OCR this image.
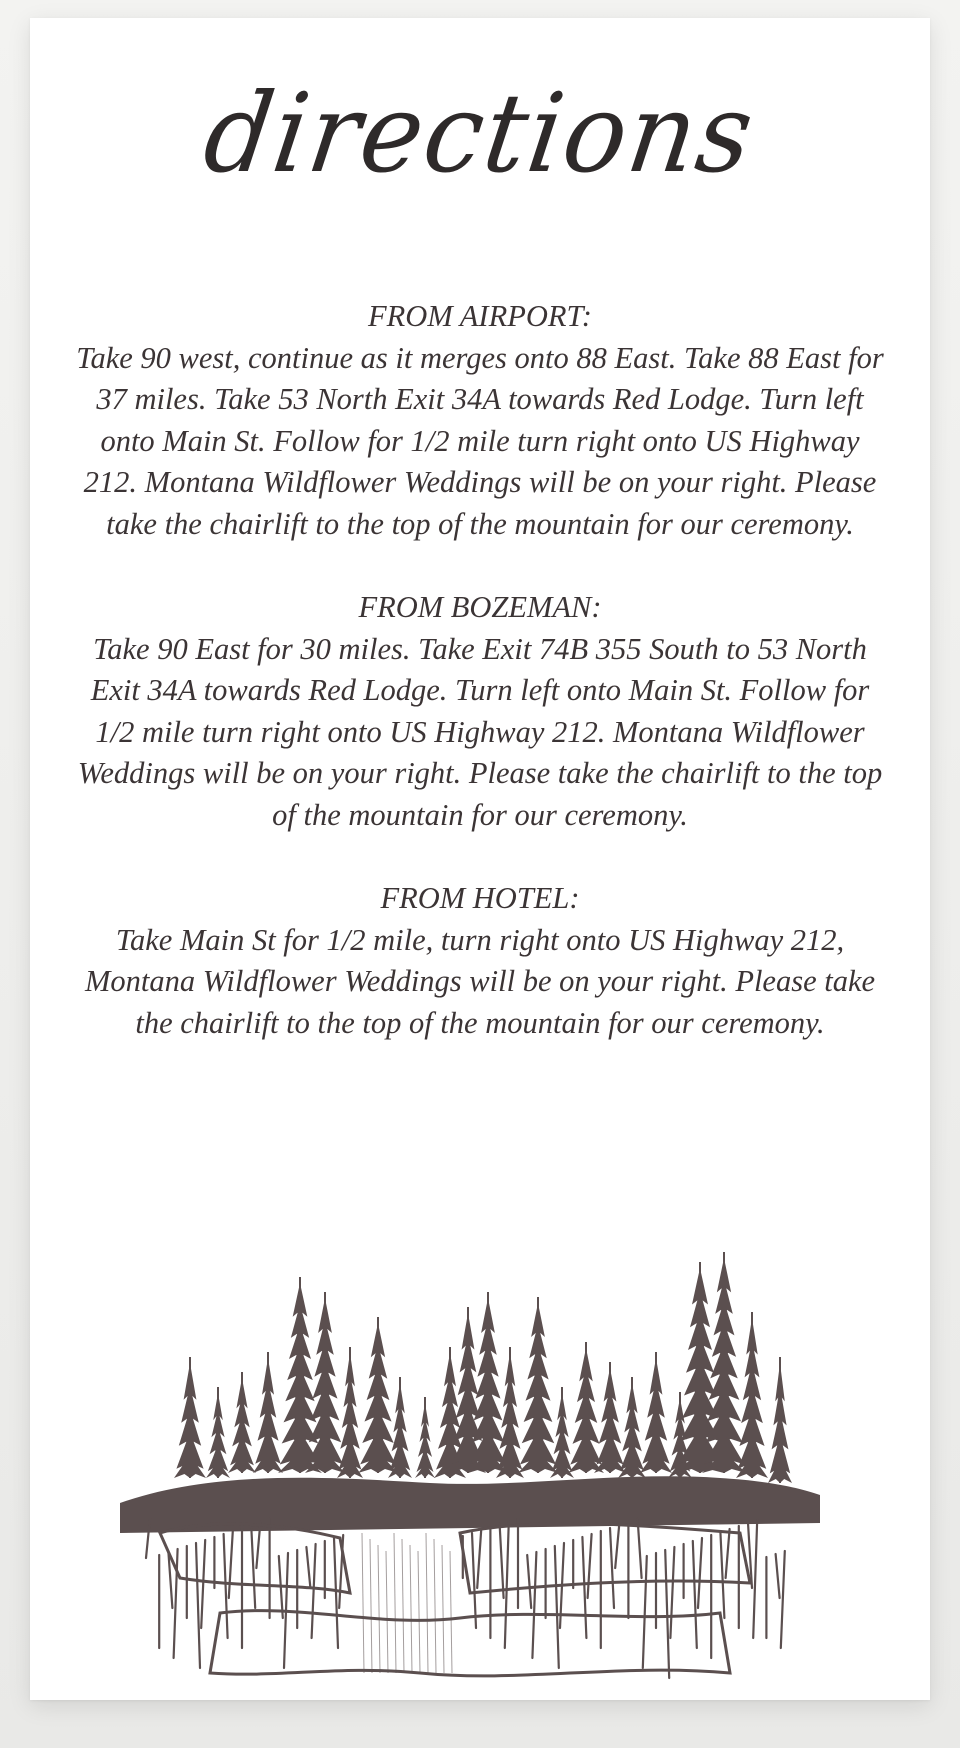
directions
FROM AIRPORT:

Take 90 west, continue as it merges onto 88 East. Take 88 East for 37 miles. Take 53 North Exit 34A towards Red Lodge. Turn left onto Main St. Follow for 1/2 mile turn right onto US Highway 212. Montana Wildflower Weddings will be on your right. Please take the chairlift to the top of the mountain for our ceremony.

FROM BOZEMAN:

Take 90 East for 30 miles. Take Exit 74B 355 South to 53 North Exit 34A towards Red Lodge. Turn left onto Main St. Follow for 1/2 mile turn right onto US Highway 212. Montana Wildflower Weddings will be on your right. Please take the chairlift to the top of the mountain for our ceremony.

FROM HOTEL:

Take Main St for 1/2 mile, turn right onto US Highway 212, Montana Wildflower Weddings will be on your right. Please take the chairlift to the top of the mountain for our ceremony.
